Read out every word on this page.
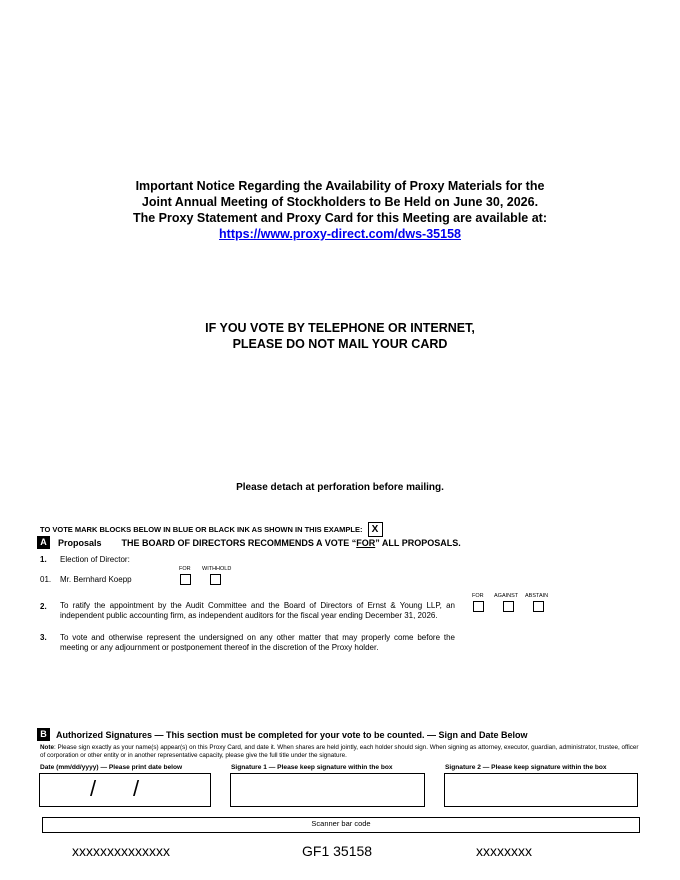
Important Notice Regarding the Availability of Proxy Materials for the
Joint Annual Meeting of Stockholders to Be Held on June 30, 2026.
The Proxy Statement and Proxy Card for this Meeting are available at:
https://www.proxy-direct.com/dws-35158
IF YOU VOTE BY TELEPHONE OR INTERNET,
PLEASE DO NOT MAIL YOUR CARD
Please detach at perforation before mailing.
TO VOTE MARK BLOCKS BELOW IN BLUE OR BLACK INK AS SHOWN IN THIS EXAMPLE: X
A	Proposals THE BOARD OF DIRECTORS RECOMMENDS A VOTE “FOR” ALL PROPOSALS.
1. Election of Director:
FOR WITHHOLD
01. Mr. Bernhard Koepp
FOR AGAINST ABSTAIN
2. To ratify the appointment by the Audit Committee and the Board of Directors of Ernst & Young LLP, an independent public accounting firm, as independent auditors for the fiscal year ending December 31, 2026.
3. To vote and otherwise represent the undersigned on any other matter that may properly come before the meeting or any adjournment or postponement thereof in the discretion of the Proxy holder.
B	Authorized Signatures — This section must be completed for your vote to be counted. — Sign and Date Below
Note: Please sign exactly as your name(s) appear(s) on this Proxy Card, and date it. When shares are held jointly, each holder should sign. When signing as attorney, executor, guardian, administrator, trustee, officer of corporation or other entity or in another representative capacity, please give the full title under the signature.
Date (mm/dd/yyyy) — Please print date below	Signature 1 — Please keep signature within the box	Signature 2 — Please keep signature within the box
/ /
Scanner bar code
xxxxxxxxxxxxxx	GF1 35158	xxxxxxxx
